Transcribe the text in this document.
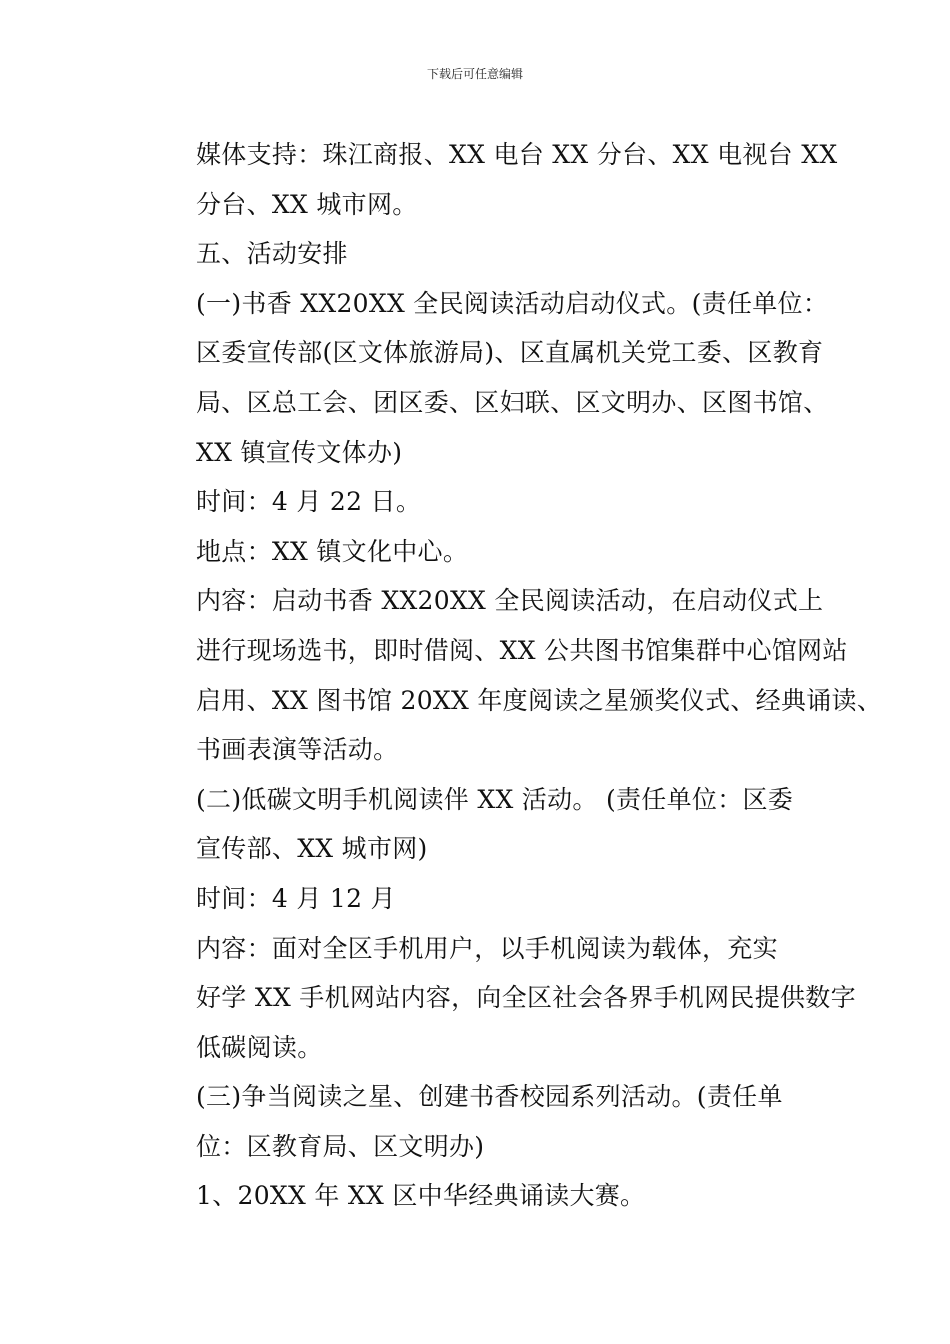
下载后可任意编辑

媒体支持：珠江商报、XX 电台 XX 分台、XX 电视台 XX
分台、XX 城市网。

五、活动安排

(一)书香 XX20XX 全民阅读活动启动仪式。(责任单位：
区委宣传部(区文体旅游局)、区直属机关党工委、区教育
局、区总工会、团区委、区妇联、区文明办、区图书馆、
XX 镇宣传文体办)

时间：4 月 22 日。

地点：XX 镇文化中心。

内容：启动书香 XX20XX 全民阅读活动，在启动仪式上
进行现场选书，即时借阅、XX 公共图书馆集群中心馆网站
启用、XX 图书馆 20XX 年度阅读之星颁奖仪式、经典诵读、
书画表演等活动。

(二)低碳文明手机阅读伴 XX 活动。 (责任单位：区委
宣传部、XX 城市网)

时间：4 月 12 月

内容：面对全区手机用户，以手机阅读为载体，充实
好学 XX 手机网站内容，向全区社会各界手机网民提供数字
低碳阅读。

(三)争当阅读之星、创建书香校园系列活动。(责任单
位：区教育局、区文明办)

1、20XX 年 XX 区中华经典诵读大赛。
